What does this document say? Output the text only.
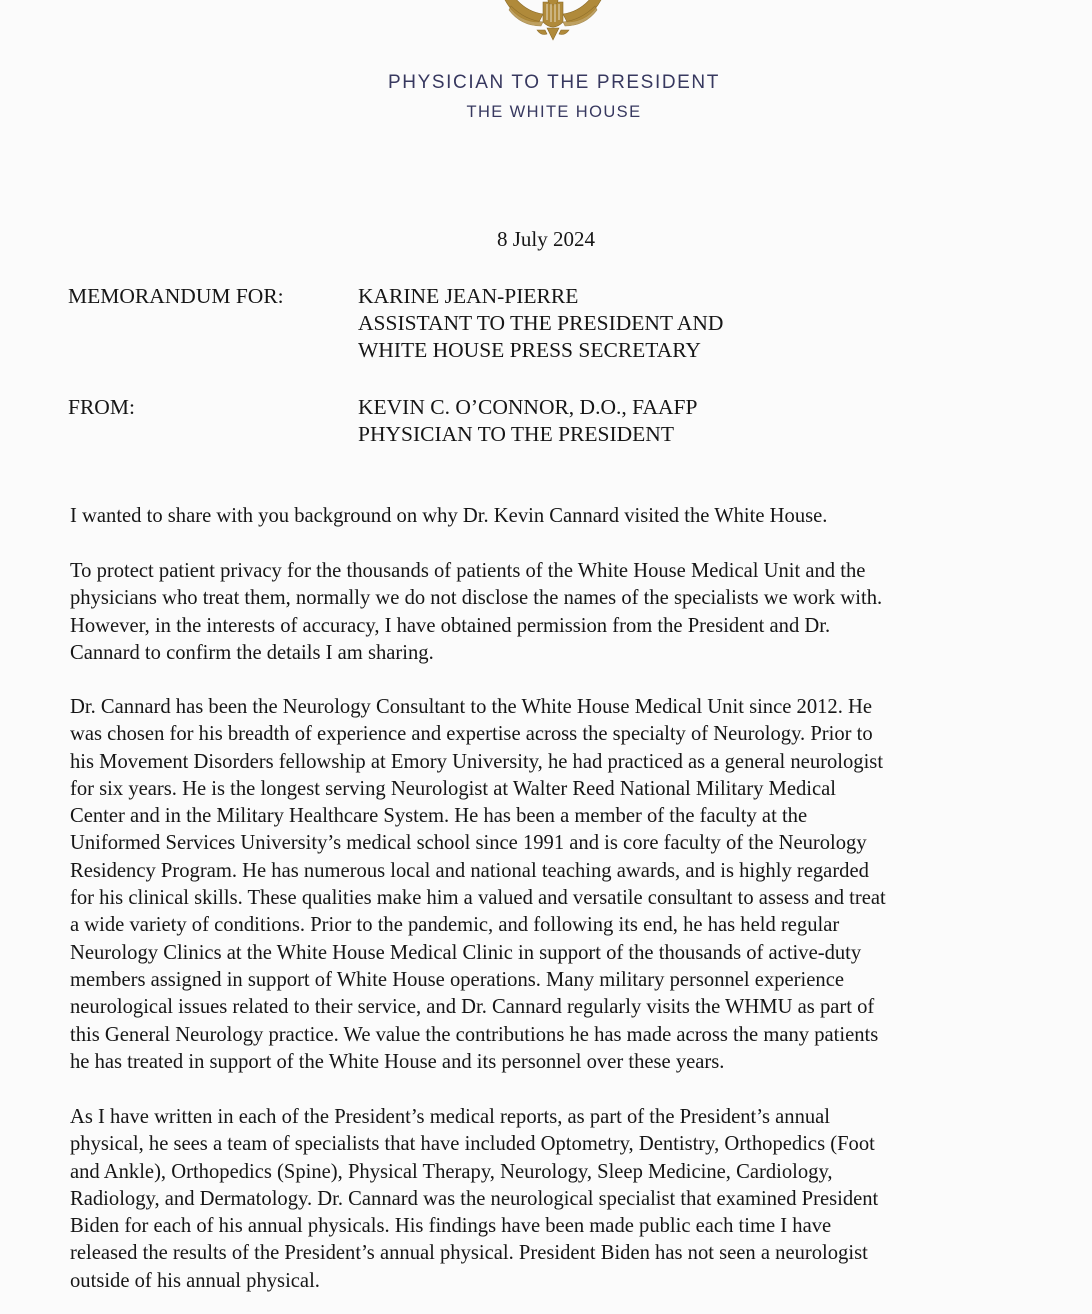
PHYSICIAN TO THE PRESIDENT
THE WHITE HOUSE
8 July 2024
MEMORANDUM FOR:	KARINE JEAN-PIERRE
ASSISTANT TO THE PRESIDENT AND
WHITE HOUSE PRESS SECRETARY
FROM:	KEVIN C. O’CONNOR, D.O., FAAFP
PHYSICIAN TO THE PRESIDENT
I wanted to share with you background on why Dr. Kevin Cannard visited the White House.
To protect patient privacy for the thousands of patients of the White House Medical Unit and the
physicians who treat them, normally we do not disclose the names of the specialists we work with.
However, in the interests of accuracy, I have obtained permission from the President and Dr.
Cannard to confirm the details I am sharing.
Dr. Cannard has been the Neurology Consultant to the White House Medical Unit since 2012. He
was chosen for his breadth of experience and expertise across the specialty of Neurology. Prior to
his Movement Disorders fellowship at Emory University, he had practiced as a general neurologist
for six years. He is the longest serving Neurologist at Walter Reed National Military Medical
Center and in the Military Healthcare System. He has been a member of the faculty at the
Uniformed Services University’s medical school since 1991 and is core faculty of the Neurology
Residency Program. He has numerous local and national teaching awards, and is highly regarded
for his clinical skills. These qualities make him a valued and versatile consultant to assess and treat
a wide variety of conditions. Prior to the pandemic, and following its end, he has held regular
Neurology Clinics at the White House Medical Clinic in support of the thousands of active-duty
members assigned in support of White House operations. Many military personnel experience
neurological issues related to their service, and Dr. Cannard regularly visits the WHMU as part of
this General Neurology practice. We value the contributions he has made across the many patients
he has treated in support of the White House and its personnel over these years.
As I have written in each of the President’s medical reports, as part of the President’s annual
physical, he sees a team of specialists that have included Optometry, Dentistry, Orthopedics (Foot
and Ankle), Orthopedics (Spine), Physical Therapy, Neurology, Sleep Medicine, Cardiology,
Radiology, and Dermatology. Dr. Cannard was the neurological specialist that examined President
Biden for each of his annual physicals. His findings have been made public each time I have
released the results of the President’s annual physical. President Biden has not seen a neurologist
outside of his annual physical.
